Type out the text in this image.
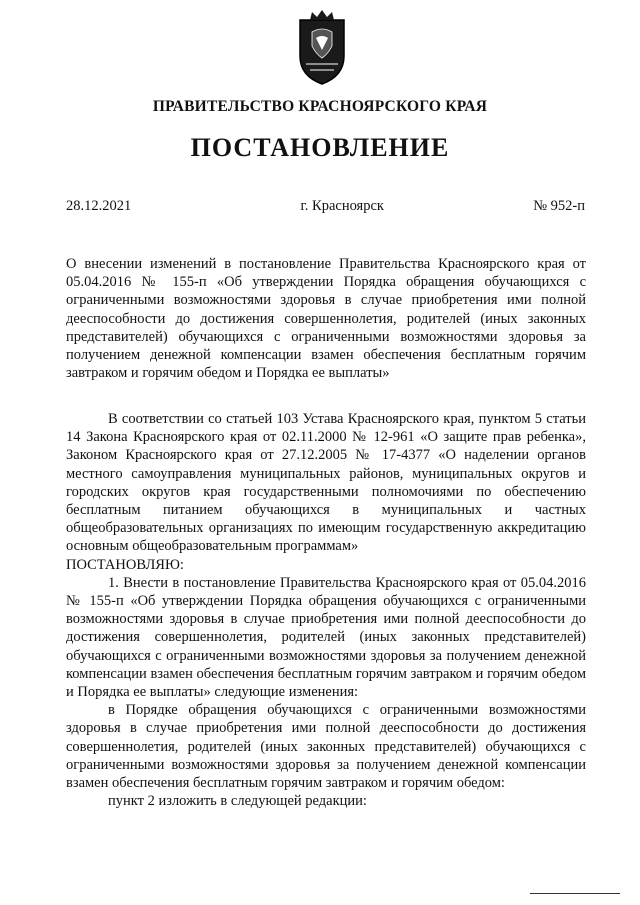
ПРАВИТЕЛЬСТВО КРАСНОЯРСКОГО КРАЯ
ПОСТАНОВЛЕНИЕ
28.12.2021	г. Красноярск	№ 952-п

О внесении изменений в постановление Правительства Красноярского края от 05.04.2016 № 155-п «Об утверждении Порядка обращения обучающихся с ограниченными возможностями здоровья в случае приобретения ими полной дееспособности до достижения совершеннолетия, родителей (иных законных представителей) обучающихся с ограниченными возможностями здоровья за получением денежной компенсации взамен обеспечения бесплатным горячим завтраком и горячим обедом и Порядка ее выплаты»

В соответствии со статьей 103 Устава Красноярского края, пунктом 5 статьи 14 Закона Красноярского края от 02.11.2000 № 12-961 «О защите прав ребенка», Законом Красноярского края от 27.12.2005 № 17-4377 «О наделении органов местного самоуправления муниципальных районов, муниципальных округов и городских округов края государственными полномочиями по обеспечению бесплатным питанием обучающихся в муниципальных и частных общеобразовательных организациях по имеющим государственную аккредитацию основным общеобразовательным программам»

ПОСТАНОВЛЯЮ:

1. Внести в постановление Правительства Красноярского края от 05.04.2016 № 155-п «Об утверждении Порядка обращения обучающихся с ограниченными возможностями здоровья в случае приобретения ими полной дееспособности до достижения совершеннолетия, родителей (иных законных представителей) обучающихся с ограниченными возможностями здоровья за получением денежной компенсации взамен обеспечения бесплатным горячим завтраком и горячим обедом и Порядка ее выплаты» следующие изменения:

в Порядке обращения обучающихся с ограниченными возможностями здоровья в случае приобретения ими полной дееспособности до достижения совершеннолетия, родителей (иных законных представителей) обучающихся с ограниченными возможностями здоровья за получением денежной компенсации взамен обеспечения бесплатным горячим завтраком и горячим обедом:

пункт 2 изложить в следующей редакции:
